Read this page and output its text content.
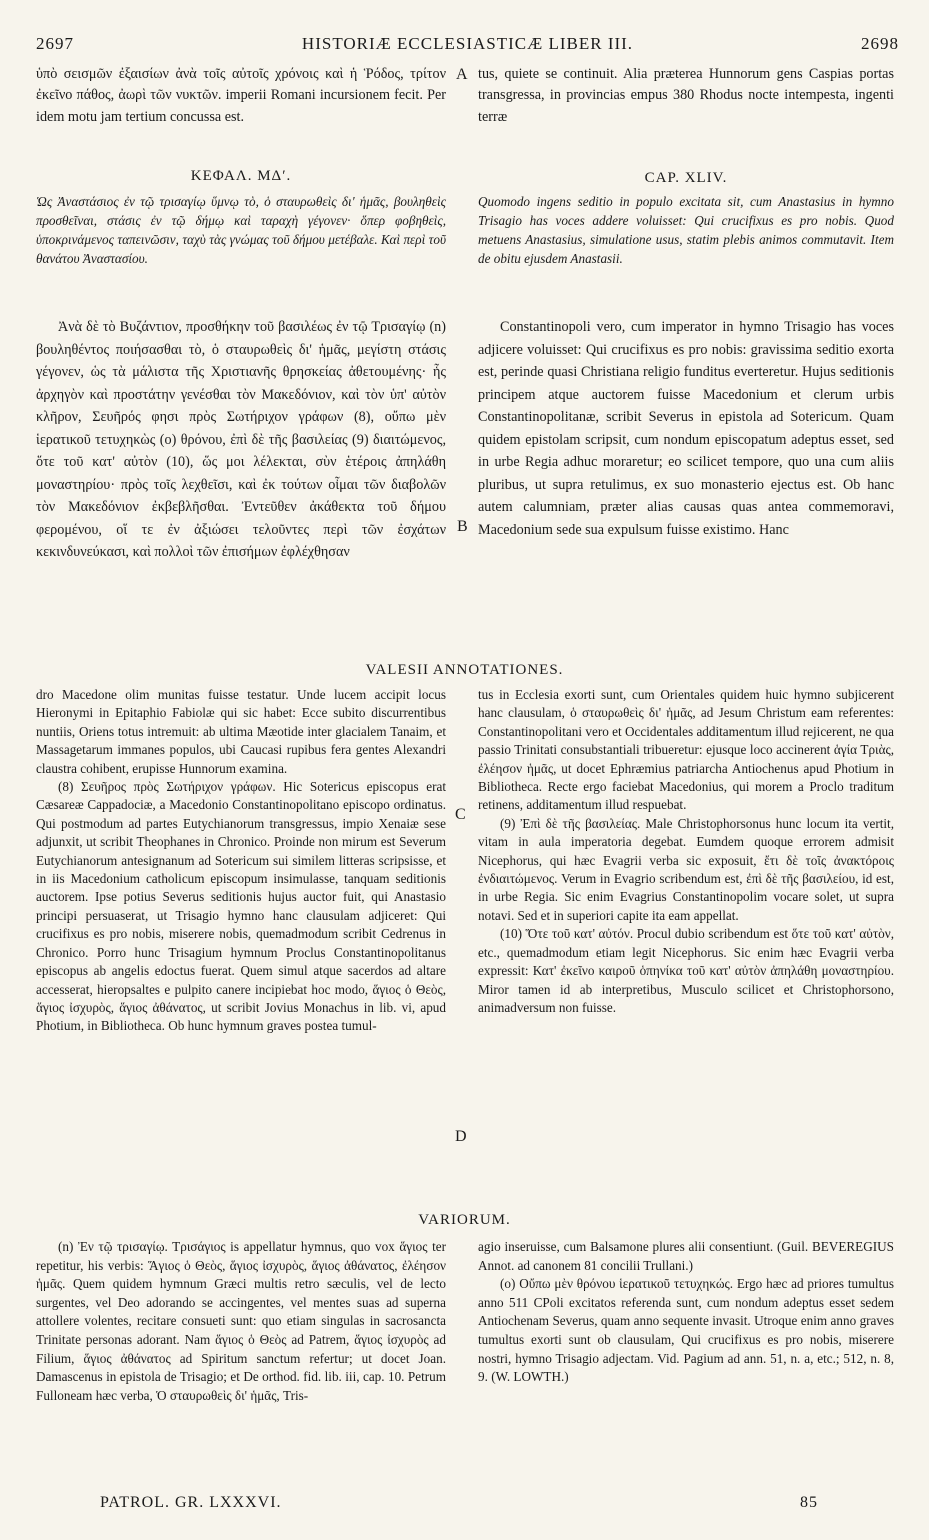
2697	HISTORIÆ ECCLESIASTICÆ LIBER III.	2698

ὑπὸ σεισμῶν ἐξαισίων ἀνὰ τοῖς αὐτοῖς χρόνοις καὶ ἡ Ῥόδος, τρίτον ἐκεῖνο πάθος, ἀωρὶ τῶν νυκτῶν. imperii Romani incursionem fecit. Per idem motu jam tertium concussa est.

tus, quiete se continuit. Alia præterea Hunnorum gens Caspias portas transgressa, in provincias empus 380 Rhodus nocte intempesta, ingenti terræ

A
ΚΕΦΑΛ. ΜΔʹ.	CAP. XLIV.

Ὡς Ἀναστάσιος ἐν τῷ τρισαγίῳ ὕμνῳ τὸ, ὁ σταυρωθεὶς δι' ἡμᾶς, βουληθεὶς προσθεῖναι, στάσις ἐν τῷ δήμῳ καὶ ταραχὴ γέγονεν· ὅπερ φοβηθεὶς, ὑποκρινάμενος ταπεινῶσιν, ταχὺ τὰς γνώμας τοῦ δήμου μετέβαλε. Καὶ περὶ τοῦ θανάτου Ἀναστασίου.

Quomodo ingens seditio in populo excitata sit, cum Anastasius in hymno Trisagio has voces addere voluisset: Qui crucifixus es pro nobis. Quod metuens Anastasius, simulatione usus, statim plebis animos commutavit. Item de obitu ejusdem Anastasii.

Ἀνὰ δὲ τὸ Βυζάντιον, προσθήκην τοῦ βασιλέως ἐν τῷ Τρισαγίῳ (n) βουληθέντος ποιήσασθαι τὸ, ὁ σταυρωθεὶς δι' ἡμᾶς, μεγίστη στάσις γέγονεν, ὡς τὰ μάλιστα τῆς Χριστιανῆς θρησκείας ἀθετουμένης· ἧς ἀρχηγὸν καὶ προστάτην γενέσθαι τὸν Μακεδόνιον, καὶ τὸν ὑπ' αὐτὸν κλῆρον, Σευῆρός φησι πρὸς Σωτήριχον γράφων (8), οὔπω μὲν ἱερατικοῦ τετυχηκὼς (o) θρόνου, ἐπὶ δὲ τῆς βασιλείας (9) διαιτώμενος, ὅτε τοῦ κατ' αὐτὸν (10), ὥς μοι λέλεκται, σὺν ἑτέροις ἀπηλάθη μοναστηρίου· πρὸς τοῖς λεχθεῖσι, καὶ ἐκ τούτων οἶμαι τῶν διαβολῶν τὸν Μακεδόνιον ἐκβεβλῆσθαι. Ἐντεῦθεν ἀκάθεκτα τοῦ δήμου φερομένου, οἵ τε ἐν ἀξιώσει τελοῦντες περὶ τῶν ἐσχάτων κεκινδυνεύκασι, καὶ πολλοὶ τῶν ἐπισήμων ἐφλέχθησαν

Constantinopoli vero, cum imperator in hymno Trisagio has voces adjicere voluisset: Qui crucifixus es pro nobis: gravissima seditio exorta est, perinde quasi Christiana religio funditus everteretur. Hujus seditionis principem atque auctorem fuisse Macedonium et clerum urbis Constantinopolitanæ, scribit Severus in epistola ad Sotericum. Quam quidem epistolam scripsit, cum nondum episcopatum adeptus esset, sed in urbe Regia adhuc moraretur; eo scilicet tempore, quo una cum aliis pluribus, ut supra retulimus, ex suo monasterio ejectus est. Ob hanc autem calumniam, præter alias causas quas antea commemoravi, Macedonium sede sua expulsum fuisse existimo. Hanc

B
VALESII ANNOTATIONES.

dro Macedone olim munitas fuisse testatur. Unde lucem accipit locus Hieronymi in Epitaphio Fabiolæ qui sic habet: Ecce subito discurrentibus nuntiis, Oriens totus intremuit: ab ultima Mæotide inter glacialem Tanaim, et Massagetarum immanes populos, ubi Caucasi rupibus fera gentes Alexandri claustra cohibent, erupisse Hunnorum examina.

(8) Σευῆρος πρὸς Σωτήριχον γράφων. Hic Sotericus episcopus erat Cæsareæ Cappadociæ, a Macedonio Constantinopolitano episcopo ordinatus. Qui postmodum ad partes Eutychianorum transgressus, impio Xenaiæ sese adjunxit, ut scribit Theophanes in Chronico. Proinde non mirum est Severum Eutychianorum antesignanum ad Sotericum sui similem litteras scripsisse, et in iis Macedonium catholicum episcopum insimulasse, tanquam seditionis auctorem. Ipse potius Severus seditionis hujus auctor fuit, qui Anastasio principi persuaserat, ut Trisagio hymno hanc clausulam adjiceret: Qui crucifixus es pro nobis, miserere nobis, quemadmodum scribit Cedrenus in Chronico. Porro hunc Trisagium hymnum Proclus Constantinopolitanus episcopus ab angelis edoctus fuerat. Quem simul atque sacerdos ad altare accesserat, hieropsaltes e pulpito canere incipiebat hoc modo, ἅγιος ὁ Θεὸς, ἅγιος ἰσχυρὸς, ἅγιος ἀθάνατος, ut scribit Jovius Monachus in lib. vi, apud Photium, in Bibliotheca. Ob hunc hymnum graves postea tumul-

tus in Ecclesia exorti sunt, cum Orientales quidem huic hymno subjicerent hanc clausulam, ὁ σταυρωθεὶς δι' ἡμᾶς, ad Jesum Christum eam referentes: Constantinopolitani vero et Occidentales additamentum illud rejicerent, ne qua passio Trinitati consubstantiali tribueretur: ejusque loco accinerent ἁγία Τριὰς, ἐλέησον ἡμᾶς, ut docet Ephræmius patriarcha Antiochenus apud Photium in Bibliotheca. Recte ergo faciebat Macedonius, qui morem a Proclo traditum retinens, additamentum illud respuebat.

(9) Ἐπὶ δὲ τῆς βασιλείας. Male Christophorsonus hunc locum ita vertit, vitam in aula imperatoria degebat. Eumdem quoque errorem admisit Nicephorus, qui hæc Evagrii verba sic exposuit, ἔτι δὲ τοῖς ἀνακτόροις ἐνδιαιτώμενος. Verum in Evagrio scribendum est, ἐπὶ δὲ τῆς βασιλείου, id est, in urbe Regia. Sic enim Evagrius Constantinopolim vocare solet, ut supra notavi. Sed et in superiori capite ita eam appellat.

(10) Ὅτε τοῦ κατ' αὐτόν. Procul dubio scribendum est ὅτε τοῦ κατ' αὐτὸν, etc., quemadmodum etiam legit Nicephorus. Sic enim hæc Evagrii verba expressit: Κατ' ἐκεῖνο καιροῦ ὁπηνίκα τοῦ κατ' αὐτὸν ἀπηλάθη μοναστηρίου. Miror tamen id ab interpretibus, Musculo scilicet et Christophorsono, animadversum non fuisse.

C
D
VARIORUM.

(n) Ἐν τῷ τρισαγίῳ. Τρισάγιος is appellatur hymnus, quo vox ἅγιος ter repetitur, his verbis: Ἅγιος ὁ Θεὸς, ἅγιος ἰσχυρὸς, ἅγιος ἀθάνατος, ἐλέησον ἡμᾶς. Quem quidem hymnum Græci multis retro sæculis, vel de lecto surgentes, vel Deo adorando se accingentes, vel mentes suas ad superna attollere volentes, recitare consueti sunt: quo etiam singulas in sacrosancta Trinitate personas adorant. Nam ἅγιος ὁ Θεὸς ad Patrem, ἅγιος ἰσχυρὸς ad Filium, ἅγιος ἀθάνατος ad Spiritum sanctum refertur; ut docet Joan. Damascenus in epistola de Trisagio; et De orthod. fid. lib. iii, cap. 10. Petrum Fulloneam hæc verba, Ὁ σταυρωθεὶς δι' ἡμᾶς, Tris-

agio inseruisse, cum Balsamone plures alii consentiunt. (Guil. BEVEREGIUS Annot. ad canonem 81 concilii Trullani.)

(o) Οὔπω μὲν θρόνου ἱερατικοῦ τετυχηκώς. Ergo hæc ad priores tumultus anno 511 CPoli excitatos referenda sunt, cum nondum adeptus esset sedem Antiochenam Severus, quam anno sequente invasit. Utroque enim anno graves tumultus exorti sunt ob clausulam, Qui crucifixus es pro nobis, miserere nostri, hymno Trisagio adjectam. Vid. Pagium ad ann. 51, n. a, etc.; 512, n. 8, 9. (W. LOWTH.)

PATROL. GR. LXXXVI.	85
